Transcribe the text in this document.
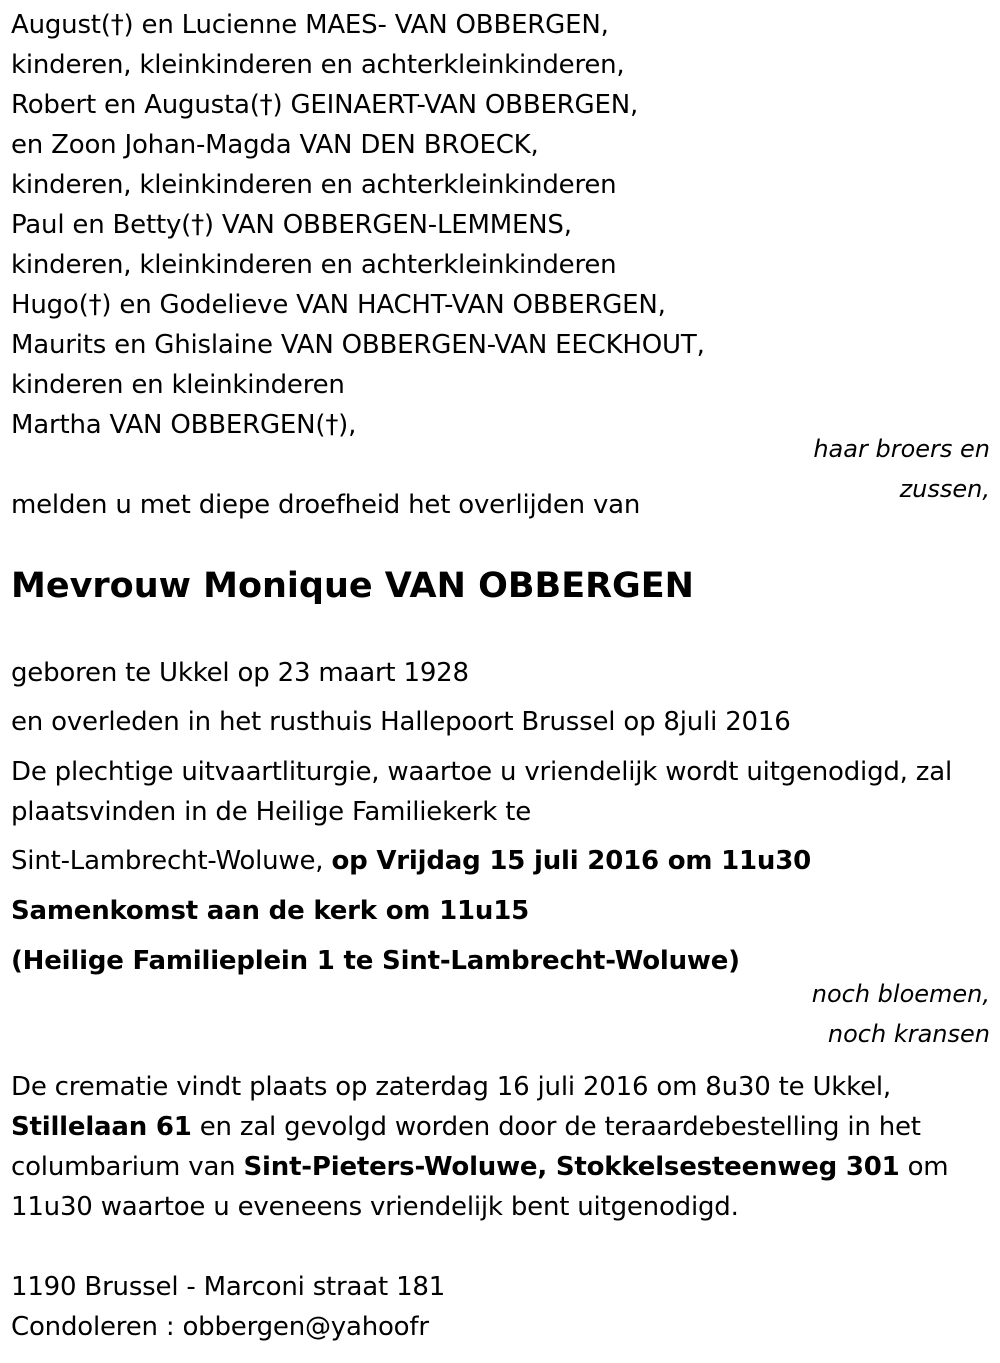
August(†) en Lucienne MAES- VAN OBBERGEN,
kinderen, kleinkinderen en achterkleinkinderen,
Robert en Augusta(†) GEINAERT-VAN OBBERGEN,
en Zoon Johan-Magda VAN DEN BROECK,
kinderen, kleinkinderen en achterkleinkinderen
Paul en Betty(†) VAN OBBERGEN-LEMMENS,
kinderen, kleinkinderen en achterkleinkinderen
Hugo(†) en Godelieve VAN HACHT-VAN OBBERGEN,
Maurits en Ghislaine VAN OBBERGEN-VAN EECKHOUT,
kinderen en kleinkinderen
Martha VAN OBBERGEN(†),
haar broers en
zussen,
melden u met diepe droefheid het overlijden van
Mevrouw Monique VAN OBBERGEN
geboren te Ukkel op 23 maart 1928
en overleden in het rusthuis Hallepoort Brussel op 8juli 2016
De plechtige uitvaartliturgie, waartoe u vriendelijk wordt uitgenodigd, zal
plaatsvinden in de Heilige Familiekerk te
Sint-Lambrecht-Woluwe, op Vrijdag 15 juli 2016 om 11u30
Samenkomst aan de kerk om 11u15
(Heilige Familieplein 1 te Sint-Lambrecht-Woluwe)
noch bloemen,
noch kransen
De crematie vindt plaats op zaterdag 16 juli 2016 om 8u30 te Ukkel,
Stillelaan 61 en zal gevolgd worden door de teraardebestelling in het
columbarium van Sint-Pieters-Woluwe, Stokkelsesteenweg 301 om
11u30 waartoe u eveneens vriendelijk bent uitgenodigd.
1190 Brussel - Marconi straat 181
Condoleren : obbergen@yahoofr
